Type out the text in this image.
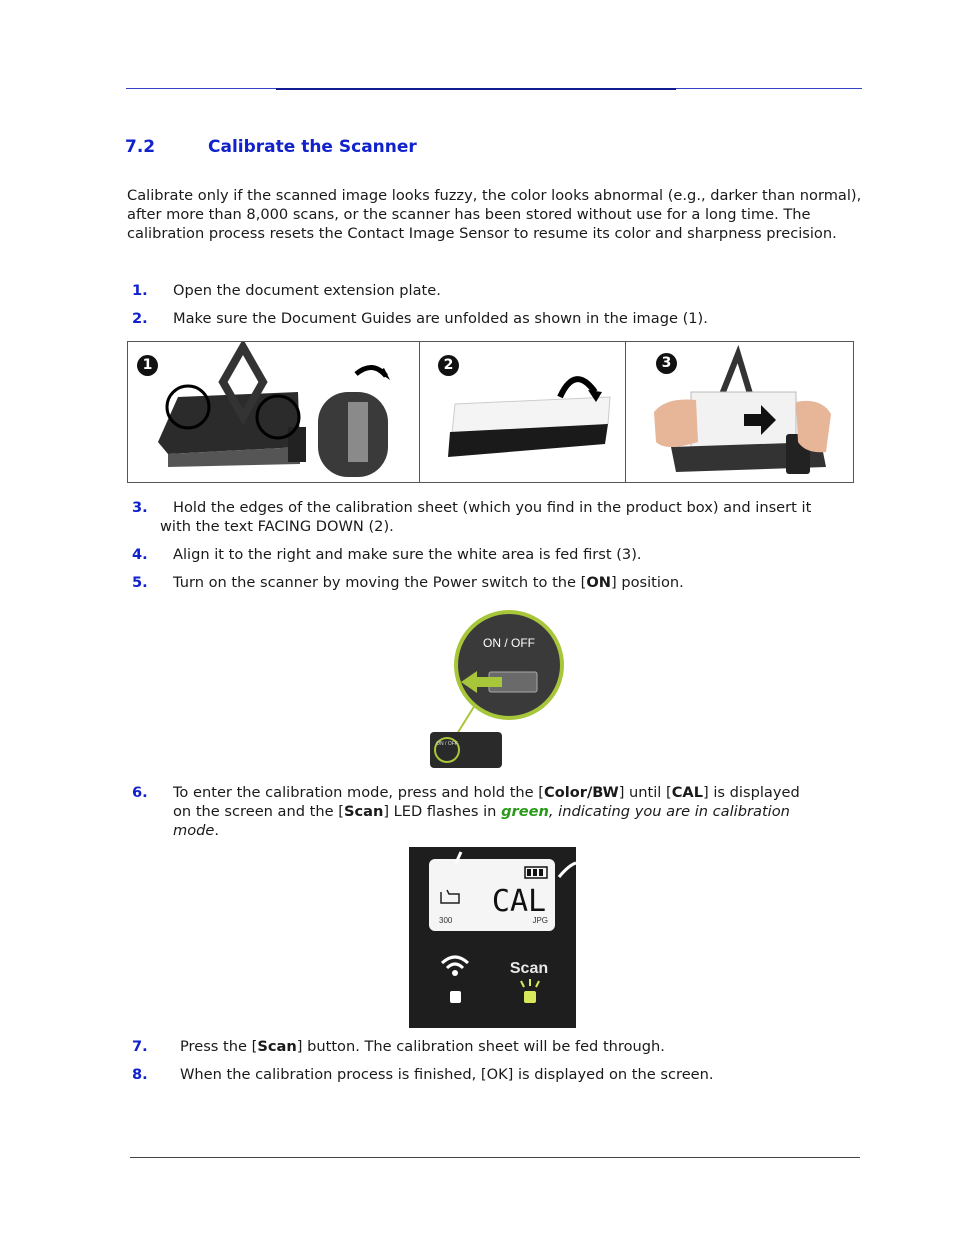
7.2	Calibrate the Scanner
Calibrate only if the scanned image looks fuzzy, the color looks abnormal (e.g., darker than normal), after more than 8,000 scans, or the scanner has been stored without use for a long time. The calibration process resets the Contact Image Sensor to resume its color and sharpness precision.
1. Open the document extension plate.
2. Make sure the Document Guides are unfolded as shown in the image (1).
1	2	3
3. Hold the edges of the calibration sheet (which you find in the product box) and insert it
with the text FACING DOWN (2).
4. Align it to the right and make sure the white area is fed first (3).
5. Turn on the scanner by moving the Power switch to the [ON] position.
ON / OFF
ON / OFF
6. To enter the calibration mode, press and hold the [Color/BW] until [CAL] is displayed
on the screen and the [Scan] LED flashes in green, indicating you are in calibration
mode.
CAL
300	JPG
Scan
7. Press the [Scan] button. The calibration sheet will be fed through.
8. When the calibration process is finished, [OK] is displayed on the screen.
